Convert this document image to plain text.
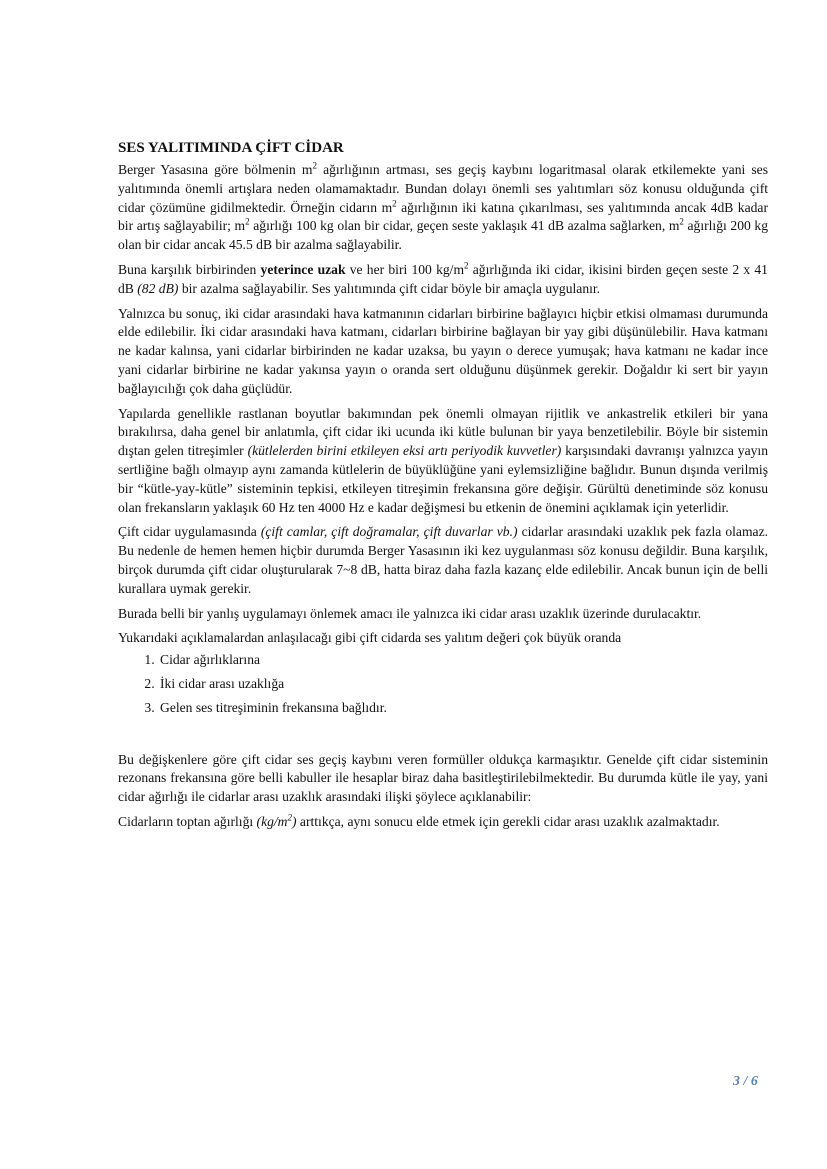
SES YALITIMINDA ÇİFT CİDAR

Berger Yasasına göre bölmenin $m^2$ ağırlığının artması, ses geçiş kaybını logaritmasal olarak etkilemekte yani ses yalıtımında önemli artışlara neden olamamaktadır. Bundan dolayı önemli ses yalıtımları söz konusu olduğunda çift cidar çözümüne gidilmektedir. Örneğin cidarın $m^2$ ağırlığının iki katına çıkarılması, ses yalıtımında ancak 4dB kadar bir artış sağlayabilir; $m^2$ ağırlığı 100 kg olan bir cidar, geçen seste yaklaşık 41 dB azalma sağlarken, $m^2$ ağırlığı 200 kg olan bir cidar ancak 45.5 dB bir azalma sağlayabilir.

Buna karşılık birbirinden yeterince uzak ve her biri 100 $kg/m^2$ ağırlığında iki cidar, ikisini birden geçen seste 2 x 41 dB (82 dB) bir azalma sağlayabilir. Ses yalıtımında çift cidar böyle bir amaçla uygulanır.

Yalnızca bu sonuç, iki cidar arasındaki hava katmanının cidarları birbirine bağlayıcı hiçbir etkisi olmaması durumunda elde edilebilir. İki cidar arasındaki hava katmanı, cidarları birbirine bağlayan bir yay gibi düşünülebilir. Hava katmanı ne kadar kalınsa, yani cidarlar birbirinden ne kadar uzaksa, bu yayın o derece yumuşak; hava katmanı ne kadar ince yani cidarlar birbirine ne kadar yakınsa yayın o oranda sert olduğunu düşünmek gerekir. Doğaldır ki sert bir yayın bağlayıcılığı çok daha güçlüdür.

Yapılarda genellikle rastlanan boyutlar bakımından pek önemli olmayan rijitlik ve ankastrelik etkileri bir yana bırakılırsa, daha genel bir anlatımla, çift cidar iki ucunda iki kütle bulunan bir yaya benzetilebilir. Böyle bir sistemin dıştan gelen titreşimler (kütlelerden birini etkileyen eksi artı periyodik kuvvetler) karşısındaki davranışı yalnızca yayın sertliğine bağlı olmayıp aynı zamanda kütlelerin de büyüklüğüne yani eylemsizliğine bağlıdır. Bunun dışında verilmiş bir “kütle-yay-kütle” sisteminin tepkisi, etkileyen titreşimin frekansına göre değişir. Gürültü denetiminde söz konusu olan frekansların yaklaşık 60 Hz ten 4000 Hz e kadar değişmesi bu etkenin de önemini açıklamak için yeterlidir.

Çift cidar uygulamasında (çift camlar, çift doğramalar, çift duvarlar vb.) cidarlar arasındaki uzaklık pek fazla olamaz. Bu nedenle de hemen hemen hiçbir durumda Berger Yasasının iki kez uygulanması söz konusu değildir. Buna karşılık, birçok durumda çift cidar oluşturularak 7~8 dB, hatta biraz daha fazla kazanç elde edilebilir. Ancak bunun için de belli kurallara uymak gerekir.

Burada belli bir yanlış uygulamayı önlemek amacı ile yalnızca iki cidar arası uzaklık üzerinde durulacaktır.

Yukarıdaki açıklamalardan anlaşılacağı gibi çift cidarda ses yalıtım değeri çok büyük oranda

1. Cidar ağırlıklarına
2. İki cidar arası uzaklığa
3. Gelen ses titreşiminin frekansına bağlıdır.

Bu değişkenlere göre çift cidar ses geçiş kaybını veren formüller oldukça karmaşıktır. Genelde çift cidar sisteminin rezonans frekansına göre belli kabuller ile hesaplar biraz daha basitleştirilebilmektedir. Bu durumda kütle ile yay, yani cidar ağırlığı ile cidarlar arası uzaklık arasındaki ilişki şöylece açıklanabilir:

Cidarların toptan ağırlığı $(kg/m^2)$ arttıkça, aynı sonucu elde etmek için gerekli cidar arası uzaklık azalmaktadır.

3 / 6
